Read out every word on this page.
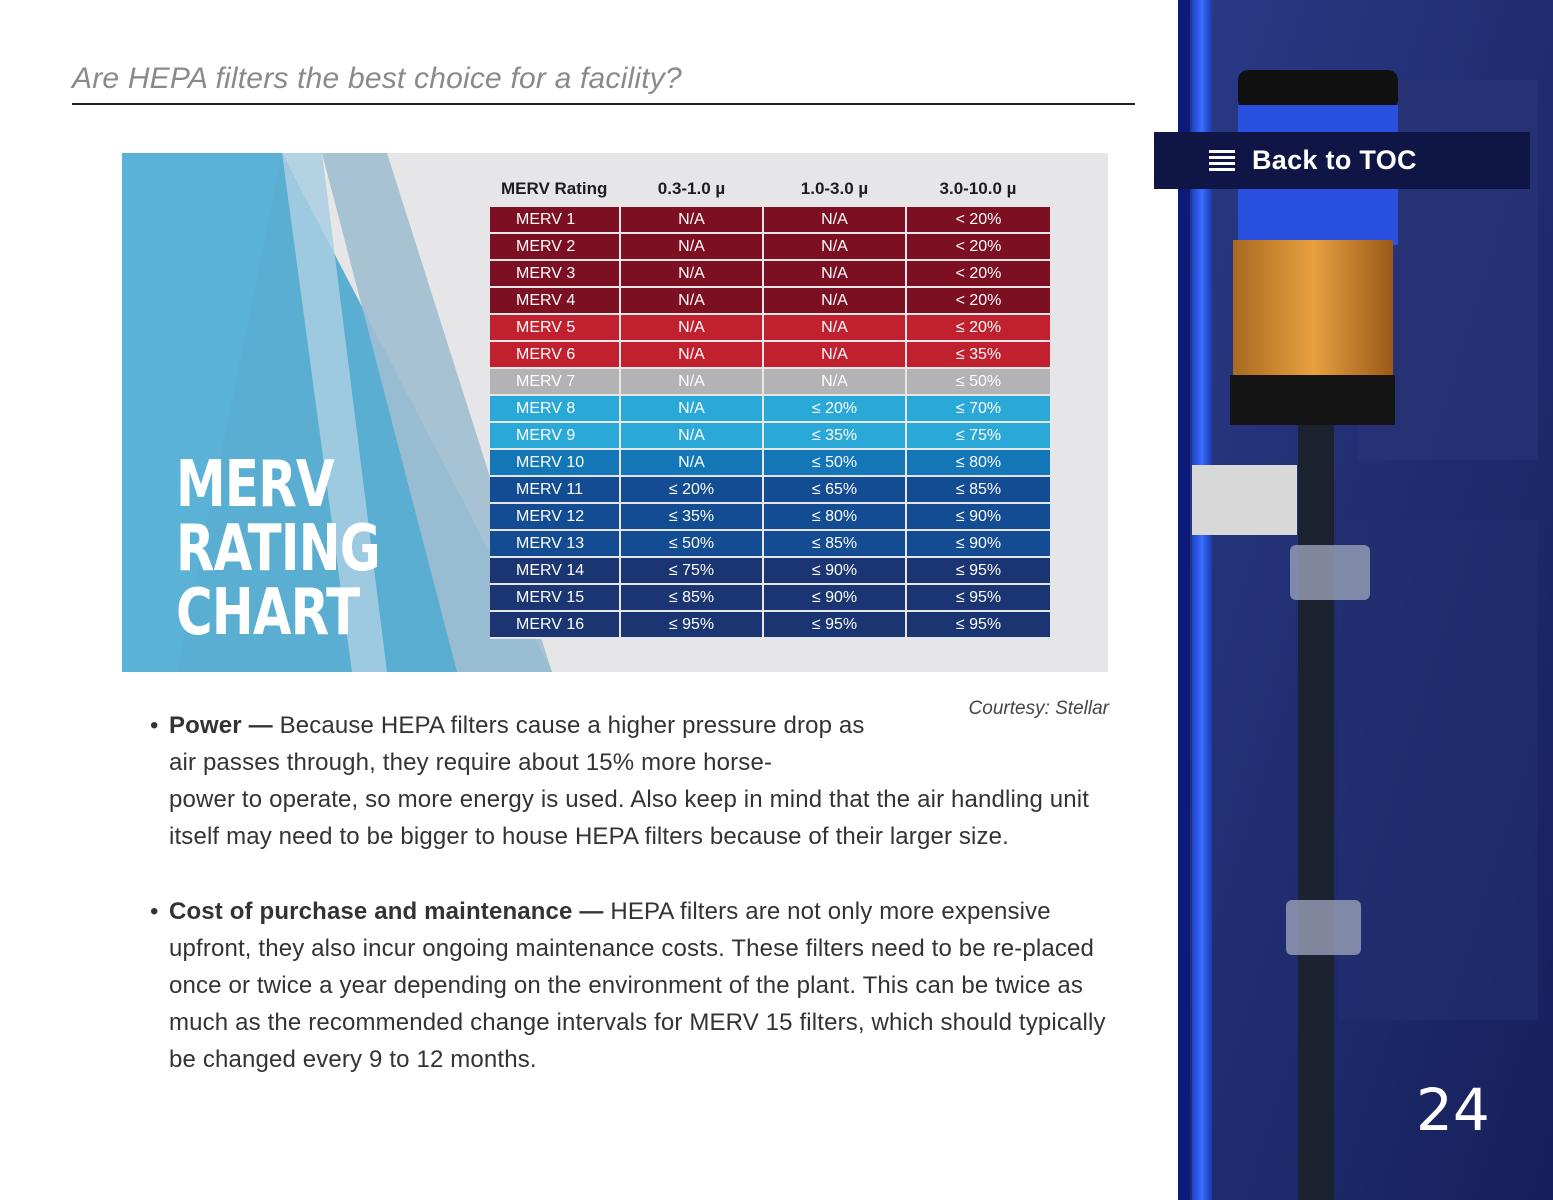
Are HEPA filters the best choice for a facility?
MERV
RATING
CHART
MERV Rating	0.3-1.0 µ	1.0-3.0 µ	3.0-10.0 µ
MERV 1	N/A	N/A	< 20%
MERV 2	N/A	N/A	< 20%
MERV 3	N/A	N/A	< 20%
MERV 4	N/A	N/A	< 20%
MERV 5	N/A	N/A	≤ 20%
MERV 6	N/A	N/A	≤ 35%
MERV 7	N/A	N/A	≤ 50%
MERV 8	N/A	≤ 20%	≤ 70%
MERV 9	N/A	≤ 35%	≤ 75%
MERV 10	N/A	≤ 50%	≤ 80%
MERV 11	≤ 20%	≤ 65%	≤ 85%
MERV 12	≤ 35%	≤ 80%	≤ 90%
MERV 13	≤ 50%	≤ 85%	≤ 90%
MERV 14	≤ 75%	≤ 90%	≤ 95%
MERV 15	≤ 85%	≤ 90%	≤ 95%
MERV 16	≤ 95%	≤ 95%	≤ 95%
Courtesy: Stellar
• Power — Because HEPA filters cause a higher pressure drop as air passes through, they require about 15% more horse-
power to operate, so more energy is used. Also keep in mind that the air handling unit itself may need to be bigger to house HEPA filters because of their larger size.
• Cost of purchase and maintenance — HEPA filters are not only more expensive upfront, they also incur ongoing maintenance costs. These filters need to be re-placed once or twice a year depending on the environment of the plant. This can be twice as much as the recommended change intervals for MERV 15 filters, which should typically be changed every 9 to 12 months.
Back to TOC
24
